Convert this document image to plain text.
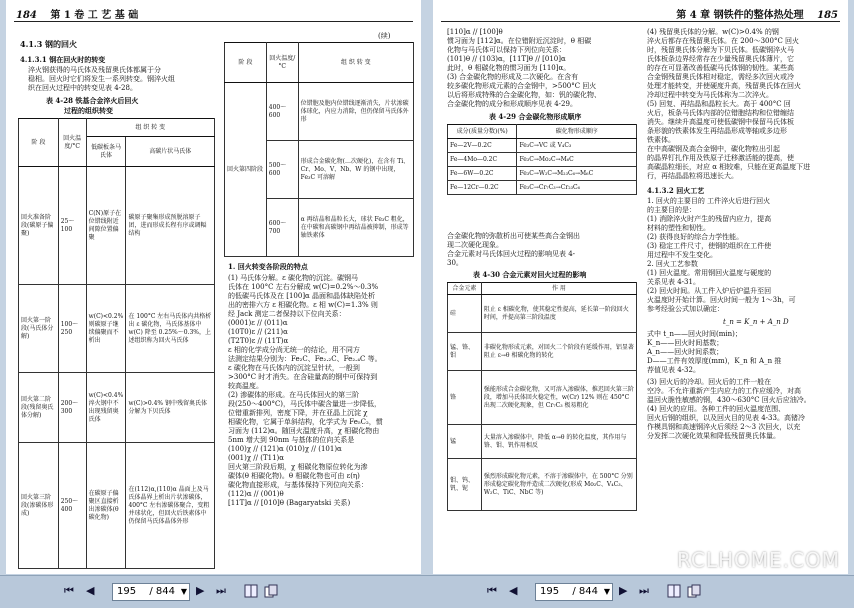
184 第 1 卷 工 艺 基 础
4.1.3 钢的回火
4.1.3.1 钢在回火时的转变
淬火钢获得的马氏体及残留奥氏体都属于分
稳相。回火时它们将发生一系列转变。钢淬火组
织在回火过程中的转变见表 4-28。
表 4-28 铁基合金淬火后回火
过程的组织转变
阶 段	回火温度/°C	组 织 转 变	
		低碳板条马氏体	高碳片状马氏体
回火准备阶段(碳原子偏聚)	25～100	C(N)原子在位错线附近间隙位置偏聚	碳原子聚集形成预脱溶原子团，进而形成长程有序或调幅结构
回火第一阶段(马氏体分解)	100～250	w(C)<0.2% 则碳原子继续偏聚而不析出	在 100°C 左右马氏体内共格析出 ε 碳化物，马氏体基体中 w(C) 降至 0.25%～0.3%，上述组织称为回火马氏体
回火第二阶段(残留奥氏体分解)	200～300	w(C)<0.4% 淬火钢中不出现残留奥氏体	w(C)>0.4% 钢中残留奥氏体分解为下贝氏体
回火第三阶段(渗碳体形成)	250～400	在碳原子偏聚区直接析出渗碳体(θ碳化物)	在(112)α,(110)α 晶面上及马氏体晶界上析出片状渗碳体，400°C 左右渗碳体聚合，变粗并球状化，但回火后铁素体中仍保留马氏体晶体外形
(续)
阶 段	回火温度/°C	组 织 转 变
回火第四阶段	400～600	位错胞及胞内位错线逐渐消失，片状渗碳体球化，内应力消除，但仍保留马氏体外形
	500～600	形成合金碳化物(…次硬化)，在含有 Ti、Cr、Mo、V、Nb、W 的钢中出现，Fe₃C 可溶解
	600～700	α 再结晶和晶粒长大，球状 Fe₃C 粗化，在中碳和高碳钢中再结晶被抑制，形成等轴铁素体
1. 回火转变各阶段的特点
(1) 马氏体分解。ε 碳化物的沉淀。碳钢马
氏体在 100°C 左右分解成 w(C)=0.2%～0.3%
的低碳马氏体及在 [100]α 晶面和晶体缺陷处析
出的密排六方 ε 相碳化物。ε 相 w(C)=1.3% 则
经 Jack 测定二者保持以下位向关系：
(0001)ε // (011)α
(10T0)ε // (211)α
(T2T0)ε // (11T)α
ε 相的化学成分尚无统一的结论，用不同方
法测定结果分别为：Fe₂C、Fe₂.₂C、Fe₂.₄C 等。
ε 碳化物在马氏体内的沉淀呈针状，一般到
>300°C 时才消失。在含硅量高的钢中可保持到
较高温度。
(2) 渗碳体的形成。在马氏体回火的第三阶
段(250～400°C)，马氏体中碳含量进一步降低，
位错重新排列，密度下降，并在亚晶上沉淀 χ
相碳化物，它属于单斜结构，化学式为 Fe₅C₂，惯
习面为 (112)α。随回火温度升高，χ 相碳化物由
5nm 增大到 90nm 与基体的位向关系是
(100)χ // (121)α (010)χ // (101)α
(001)χ // (T11)α
回火第三阶段后期，χ 相碳化物原位转化为渗
碳体(θ 相碳化物)。θ 相碳化物也可由 ε(η)
碳化物直接形成，与基体保持下列位向关系：
(112)α // (001)θ
[11T]α // [010]θ (Bagaryatski 关系)
⏮ ◀	195 / 844 ▼ ▶ ⏭
第 4 章 钢铁件的整体热处理 185
[110]α // [100]θ
惯习面为 [112]α。在位错附近沉淀时，θ 相碳
化物与马氏体可以保持下列位向关系：
(101)θ // (103)α，[11T]θ // [010]α
此时，θ 相碳化物的惯习面为 [110]α。
(3) 合金碳化物的形成及二次硬化。在含有
较多碳化物形成元素的合金钢中，>500°C 回火
以后将形成特殊的合金碳化物，如：钒的碳化物、
合金碳化物的成分和形成顺序见表 4-29。
表 4-29 合金碳化物形成顺序
成分(质量分数)(%)	碳化物形成顺序
Fe—2V—0.2C	Fe₃C→VC 或 V₄C₃
Fe—4Mo—0.2C	Fe₃C→Mo₂C→M₆C
Fe—6W—0.2C	Fe₃C→W₂C→M₂₃C₆→M₆C
Fe—12Cr—0.2C	Fe₃C→Cr₇C₃→Cr₂₃C₆
合金碳化物的弥散析出可使某些高合金钢出
现二次硬化现象。
合金元素对马氏体回火过程的影响见表 4-
30。
表 4-30 合金元素对回火过程的影响
合金元素	作 用
硅	阻止 ε 相碳化物，使其稳定性提高，延长第一阶段回火时间，并提高第三阶段温度
锰、铬、钼	非碳化物形成元素，对回火二个阶段有延缓作用，铝显著阻止 ε→θ 相碳化物的转化
铬	强能形成合金碳化物，又可溶入渗碳体，推迟回火第三阶段，增加马氏体回火稳定性，w(Cr) 12% 则在 450°C 出现二次硬化现象，但 Cr₇C₃ 极易粗化
锰	大量溶入渗碳体中，降低 α→θ 的转化温度，其作用与铬、钼、钒作用相反
钼、钨、钒、铌	强烈形成碳化物元素，不溶于渗碳体中，在 500°C 分别形成稳定碳化物并造成二次硬化(形成 Mo₂C、V₄C₃、W₂C、TiC、NbC 等)
(4) 残留奥氏体的分解。w(C)>0.4% 的钢
淬火后都存在残留奥氏体。在 200～300°C 回火
时，残留奥氏体分解为下贝氏体。低碳钢淬火马
氏体板条边界经常存在少量残留奥氏体薄片，它
的存在可显著改善低碳马氏体钢的韧性。某些高
合金钢残留奥氏体相对稳定，需经多次回火或冷
处理才能转变，并使硬度升高，残留奥氏体在回火
冷却过程中转变为马氏体称为二次淬火。
(5) 回复、再结晶和晶粒长大。高于 400°C 回
火后，板条马氏体内部的位错胞结构和位错缠结
消失。继续升高温度可使低碳钢中保留马氏体板
条形貌的铁素体发生再结晶形成等轴或多边形
铁素体。
在中高碳钢及高合金钢中，碳化物粒出引起
的晶界钉扎作用及铁原子迁移激活能的提高，使
高碳晶粒细长，对应 α 相较难，只能在更高温度下进
行，再结晶晶粒将迅速长大。
4.1.3.2 回火工艺
1. 回火的主要目的 工件淬火后进行回火
的主要目的是：
(1) 消除淬火时产生的残留内应力，提高
材料的塑性和韧性。
(2) 获得良好的综合力学性能。
(3) 稳定工件尺寸，使钢的组织在工件使
用过程中不发生变化。
2. 回火工艺参数
(1) 回火温度。常用钢回火温度与硬度的
关系见表 4-31。
(2) 回火时间。从工件入炉后炉温升至回
火温度时开始计算。回火时间一般为 1～3h，可
参考经验公式加以确定：
t_n = K_n + A_n D
式中 t_n——回火时间(min)；
K_n——回火时间基数；
A_n——回火时间系数；
D——工件有效厚度(mm)，K_n 和 A_n 推
荐值见表 4-32。
(3) 回火后的冷却。回火后的工件一般在
空冷。不允许重新产生内应力的工作应缓冷，对高
温回火脆性敏感的钢，430～630°C 回火后应油冷。
(4) 回火的应用。各种工件的回火温度范围、
回火后钢的组织，以及回火目的见表 4-33。高锗冷
作模具钢和高速钢淬火后须经 2～3 次回火，以充
分发挥二次硬化效果和降低残留奥氏体量。
RCLHOME.COM
⏮ ◀	195 / 844 ▼ ▶ ⏭
